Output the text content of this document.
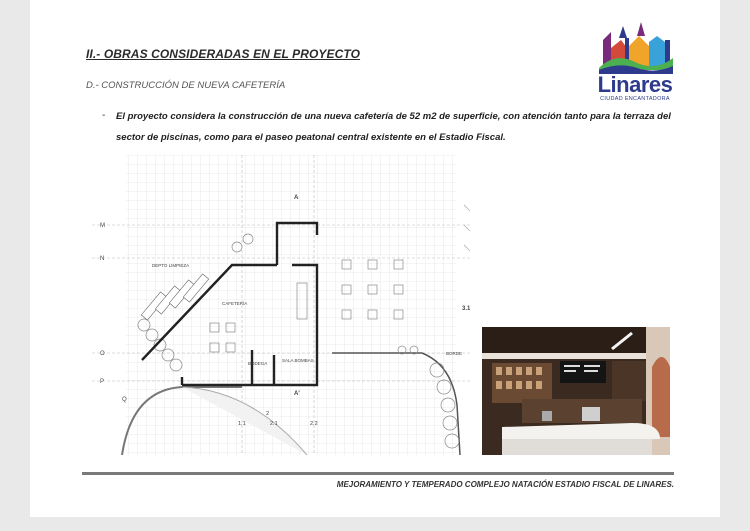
II.- OBRAS CONSIDERADAS EN EL PROYECTO
D.- CONSTRUCCIÓN DE NUEVA CAFETERÍA
- El proyecto considera la construcción de una nueva cafetería de 52 m2 de superficie, con atención tanto para la terraza del sector de piscinas, como para el paseo peatonal central existente en el Estadio Fiscal.
Linares
CIUDAD ENCANTADORA
M
N
O
P
Q
1.1
2
2.1	2.2
A
A'
3.1
CAFETERÍA
BODEGA
SALA BOMBAS
BORDE
DEPTO LIMPIEZA
MEJORAMIENTO Y TEMPERADO COMPLEJO NATACIÓN ESTADIO FISCAL DE LINARES.
